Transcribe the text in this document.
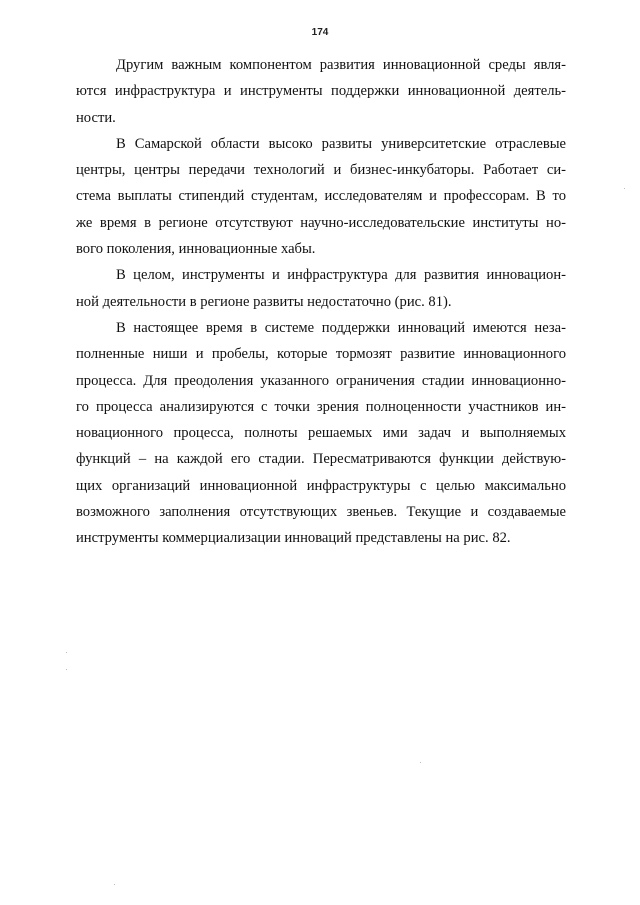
174
Другим важным компонентом развития инновационной среды явля-
ются инфраструктура и инструменты поддержки инновационной деятель-
ности.
В Самарской области высоко развиты университетские отраслевые
центры, центры передачи технологий и бизнес-инкубаторы. Работает си-
стема выплаты стипендий студентам, исследователям и профессорам. В то
же время в регионе отсутствуют научно-исследовательские институты но-
вого поколения, инновационные хабы.
В целом, инструменты и инфраструктура для развития инновацион-
ной деятельности в регионе развиты недостаточно (рис. 81).
В настоящее время в системе поддержки инноваций имеются неза-
полненные ниши и пробелы, которые тормозят развитие инновационного
процесса. Для преодоления указанного ограничения стадии инновационно-
го процесса анализируются с точки зрения полноценности участников ин-
новационного процесса, полноты решаемых ими задач и выполняемых
функций – на каждой его стадии. Пересматриваются функции действую-
щих организаций инновационной инфраструктуры с целью максимально
возможного заполнения отсутствующих звеньев. Текущие и создаваемые
инструменты коммерциализации инноваций представлены на рис. 82.
